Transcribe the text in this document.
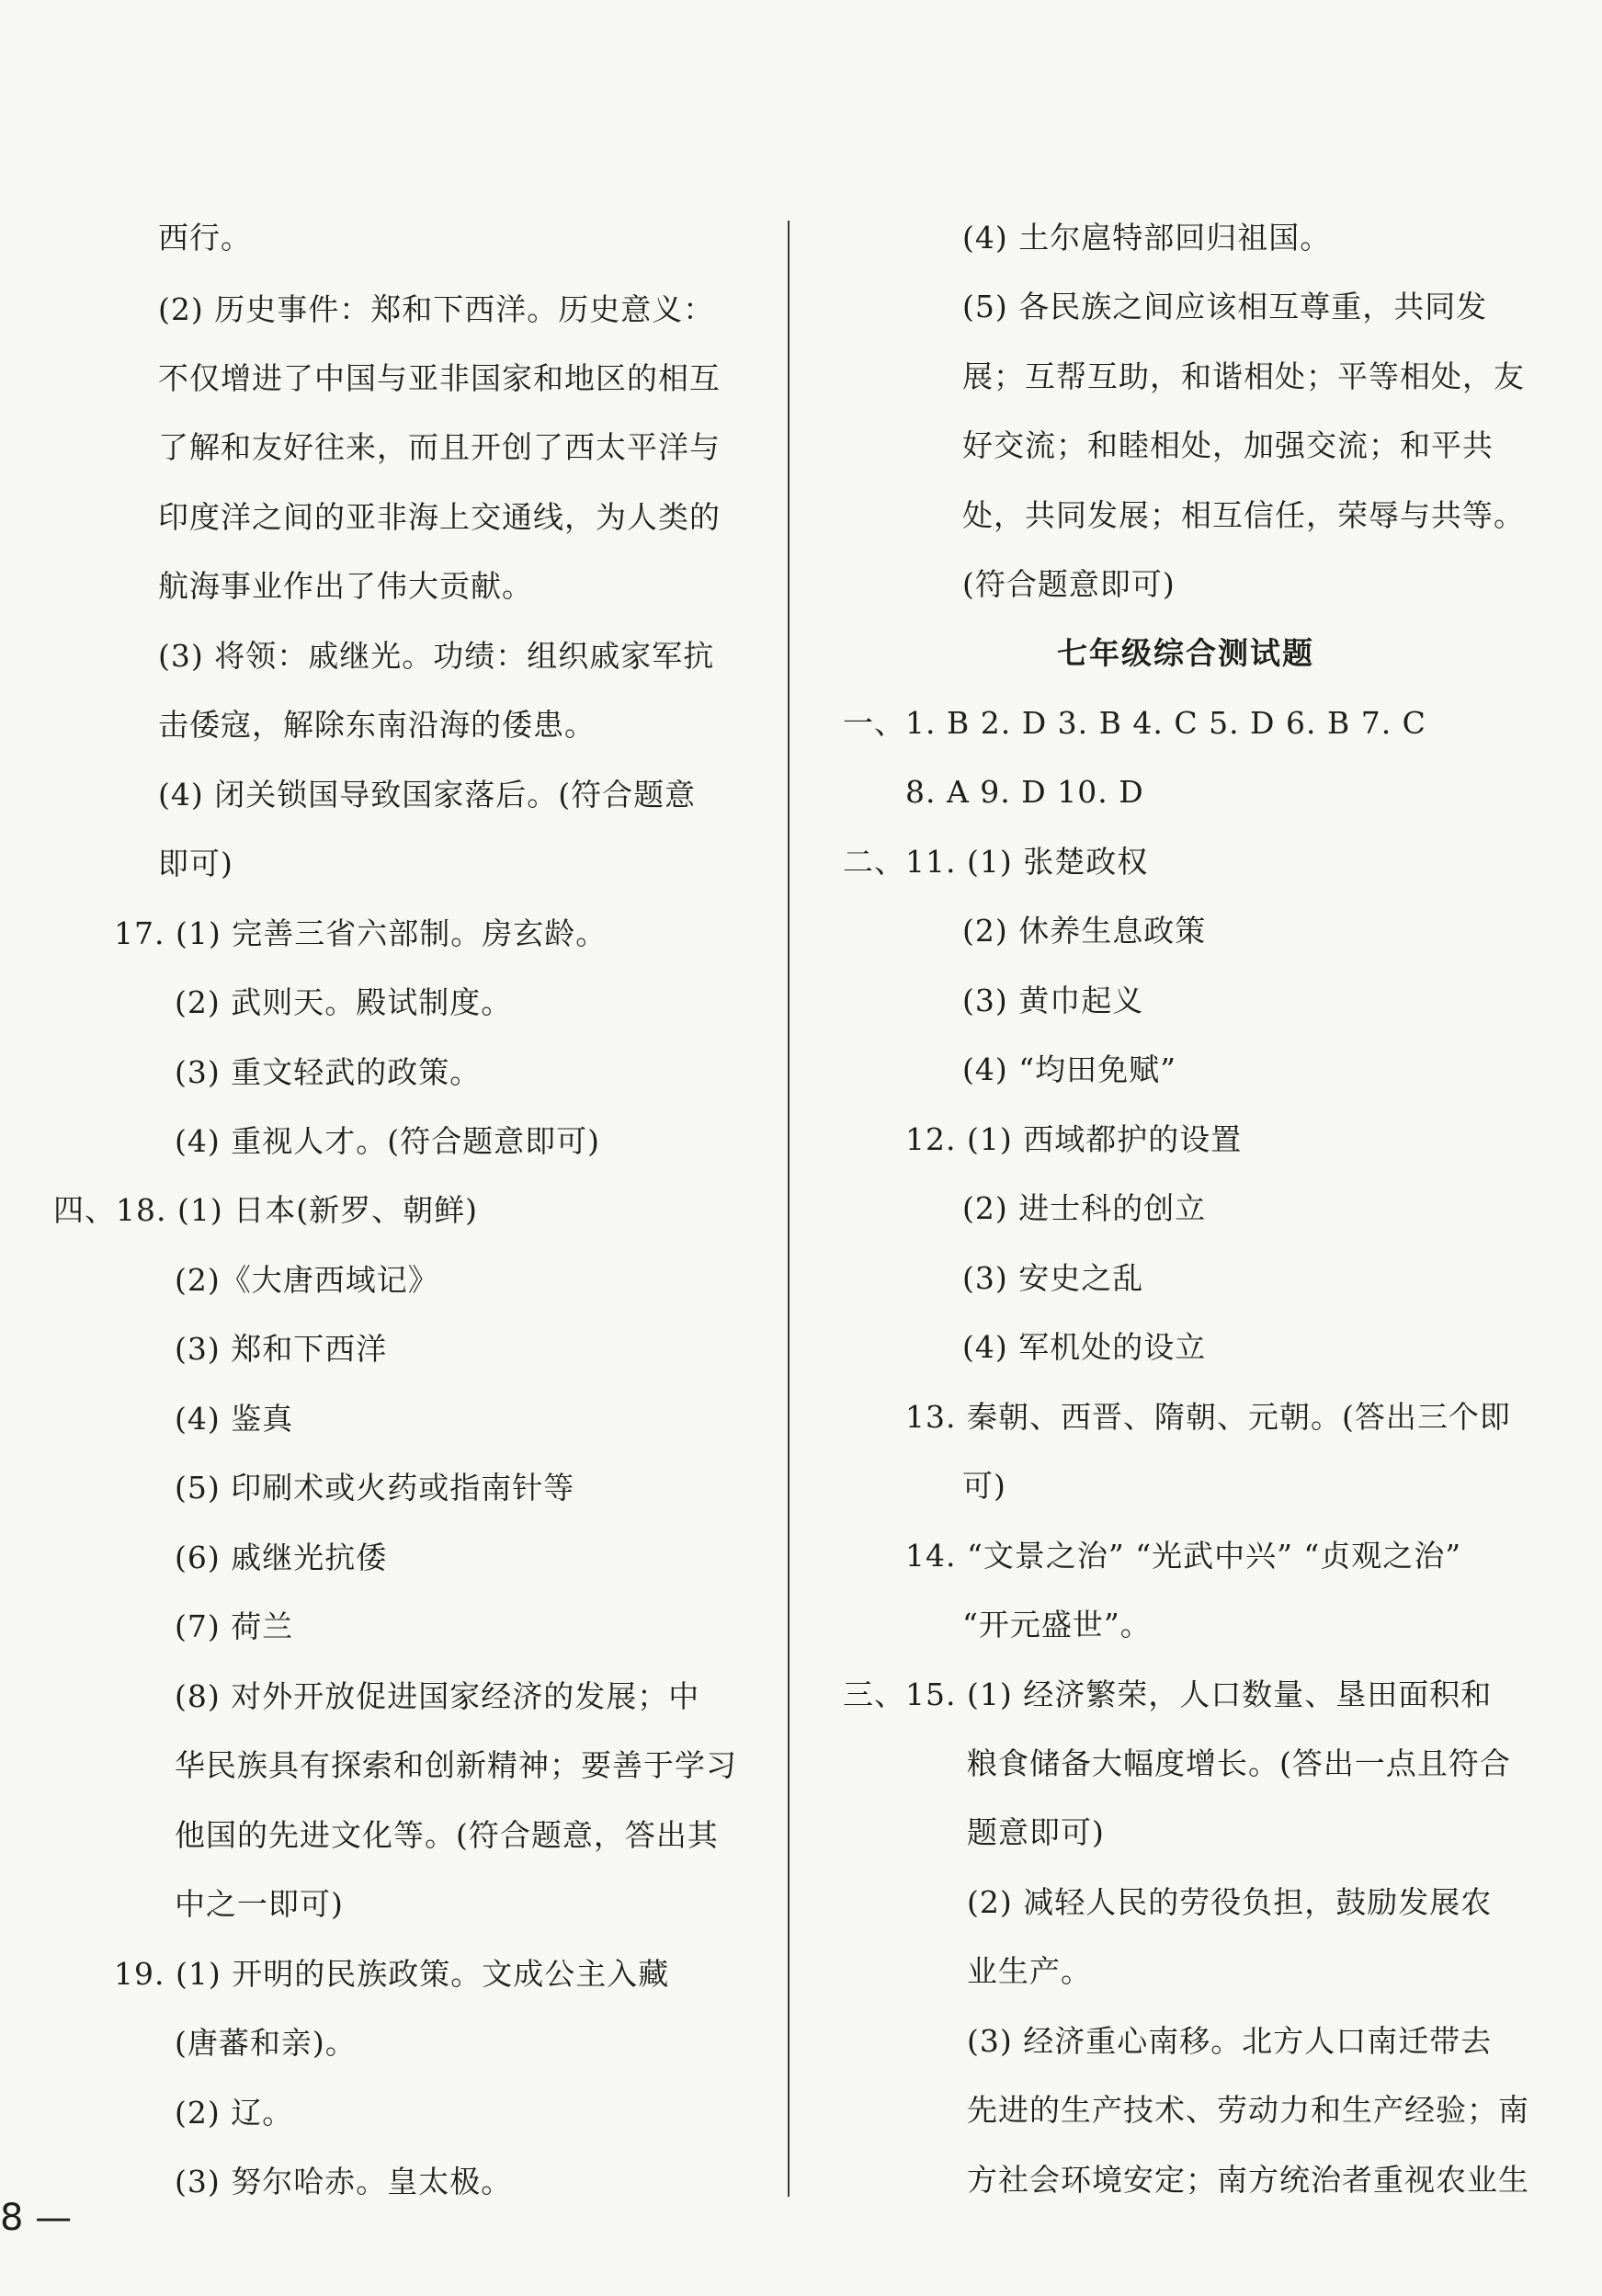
西行。
(2) 历史事件：郑和下西洋。历史意义：
不仅增进了中国与亚非国家和地区的相互
了解和友好往来，而且开创了西太平洋与
印度洋之间的亚非海上交通线，为人类的
航海事业作出了伟大贡献。
(3) 将领：戚继光。功绩：组织戚家军抗
击倭寇，解除东南沿海的倭患。
(4) 闭关锁国导致国家落后。(符合题意
即可)
17. (1) 完善三省六部制。房玄龄。
(2) 武则天。殿试制度。
(3) 重文轻武的政策。
(4) 重视人才。(符合题意即可)
四、18. (1) 日本(新罗、朝鲜)
(2)《大唐西域记》
(3) 郑和下西洋
(4) 鉴真
(5) 印刷术或火药或指南针等
(6) 戚继光抗倭
(7) 荷兰
(8) 对外开放促进国家经济的发展；中
华民族具有探索和创新精神；要善于学习
他国的先进文化等。(符合题意，答出其
中之一即可)
19. (1) 开明的民族政策。文成公主入藏
(唐蕃和亲)。
(2) 辽。
(3) 努尔哈赤。皇太极。
(4) 土尔扈特部回归祖国。
(5) 各民族之间应该相互尊重，共同发
展；互帮互助，和谐相处；平等相处，友
好交流；和睦相处，加强交流；和平共
处，共同发展；相互信任，荣辱与共等。
(符合题意即可)
七年级综合测试题
一、1. B 2. D 3. B 4. C 5. D 6. B 7. C
8. A 9. D 10. D
二、11. (1) 张楚政权
(2) 休养生息政策
(3) 黄巾起义
(4) “均田免赋”
12. (1) 西域都护的设置
(2) 进士科的创立
(3) 安史之乱
(4) 军机处的设立
13. 秦朝、西晋、隋朝、元朝。(答出三个即
可)
14. “文景之治” “光武中兴” “贞观之治”
“开元盛世”。
三、15. (1) 经济繁荣，人口数量、垦田面积和
粮食储备大幅度增长。(答出一点且符合
题意即可)
(2) 减轻人民的劳役负担，鼓励发展农
业生产。
(3) 经济重心南移。北方人口南迁带去
先进的生产技术、劳动力和生产经验；南
方社会环境安定；南方统治者重视农业生
8 —
